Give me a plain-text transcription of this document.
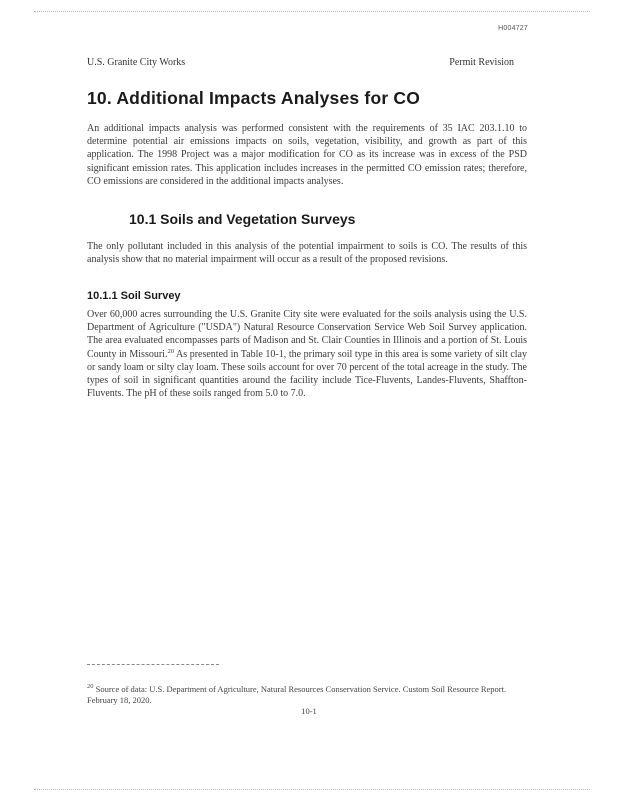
H004727
U.S. Granite City Works	Permit Revision
10. Additional Impacts Analyses for CO
An additional impacts analysis was performed consistent with the requirements of 35 IAC 203.1.10 to determine potential air emissions impacts on soils, vegetation, visibility, and growth as part of this application. The 1998 Project was a major modification for CO as its increase was in excess of the PSD significant emission rates. This application includes increases in the permitted CO emission rates; therefore, CO emissions are considered in the additional impacts analyses.
10.1 Soils and Vegetation Surveys
The only pollutant included in this analysis of the potential impairment to soils is CO. The results of this analysis show that no material impairment will occur as a result of the proposed revisions.
10.1.1 Soil Survey
Over 60,000 acres surrounding the U.S. Granite City site were evaluated for the soils analysis using the U.S. Department of Agriculture ("USDA") Natural Resource Conservation Service Web Soil Survey application. The area evaluated encompasses parts of Madison and St. Clair Counties in Illinois and a portion of St. Louis County in Missouri.$^{20}$ As presented in Table 10-1, the primary soil type in this area is some variety of silt clay or sandy loam or silty clay loam. These soils account for over 70 percent of the total acreage in the study. The types of soil in significant quantities around the facility include Tice-Fluvents, Landes-Fluvents, Shaffton-Fluvents. The pH of these soils ranged from 5.0 to 7.0.
$^{20}$ Source of data: U.S. Department of Agriculture, Natural Resources Conservation Service. Custom Soil Resource Report. February 18, 2020.
10-1
